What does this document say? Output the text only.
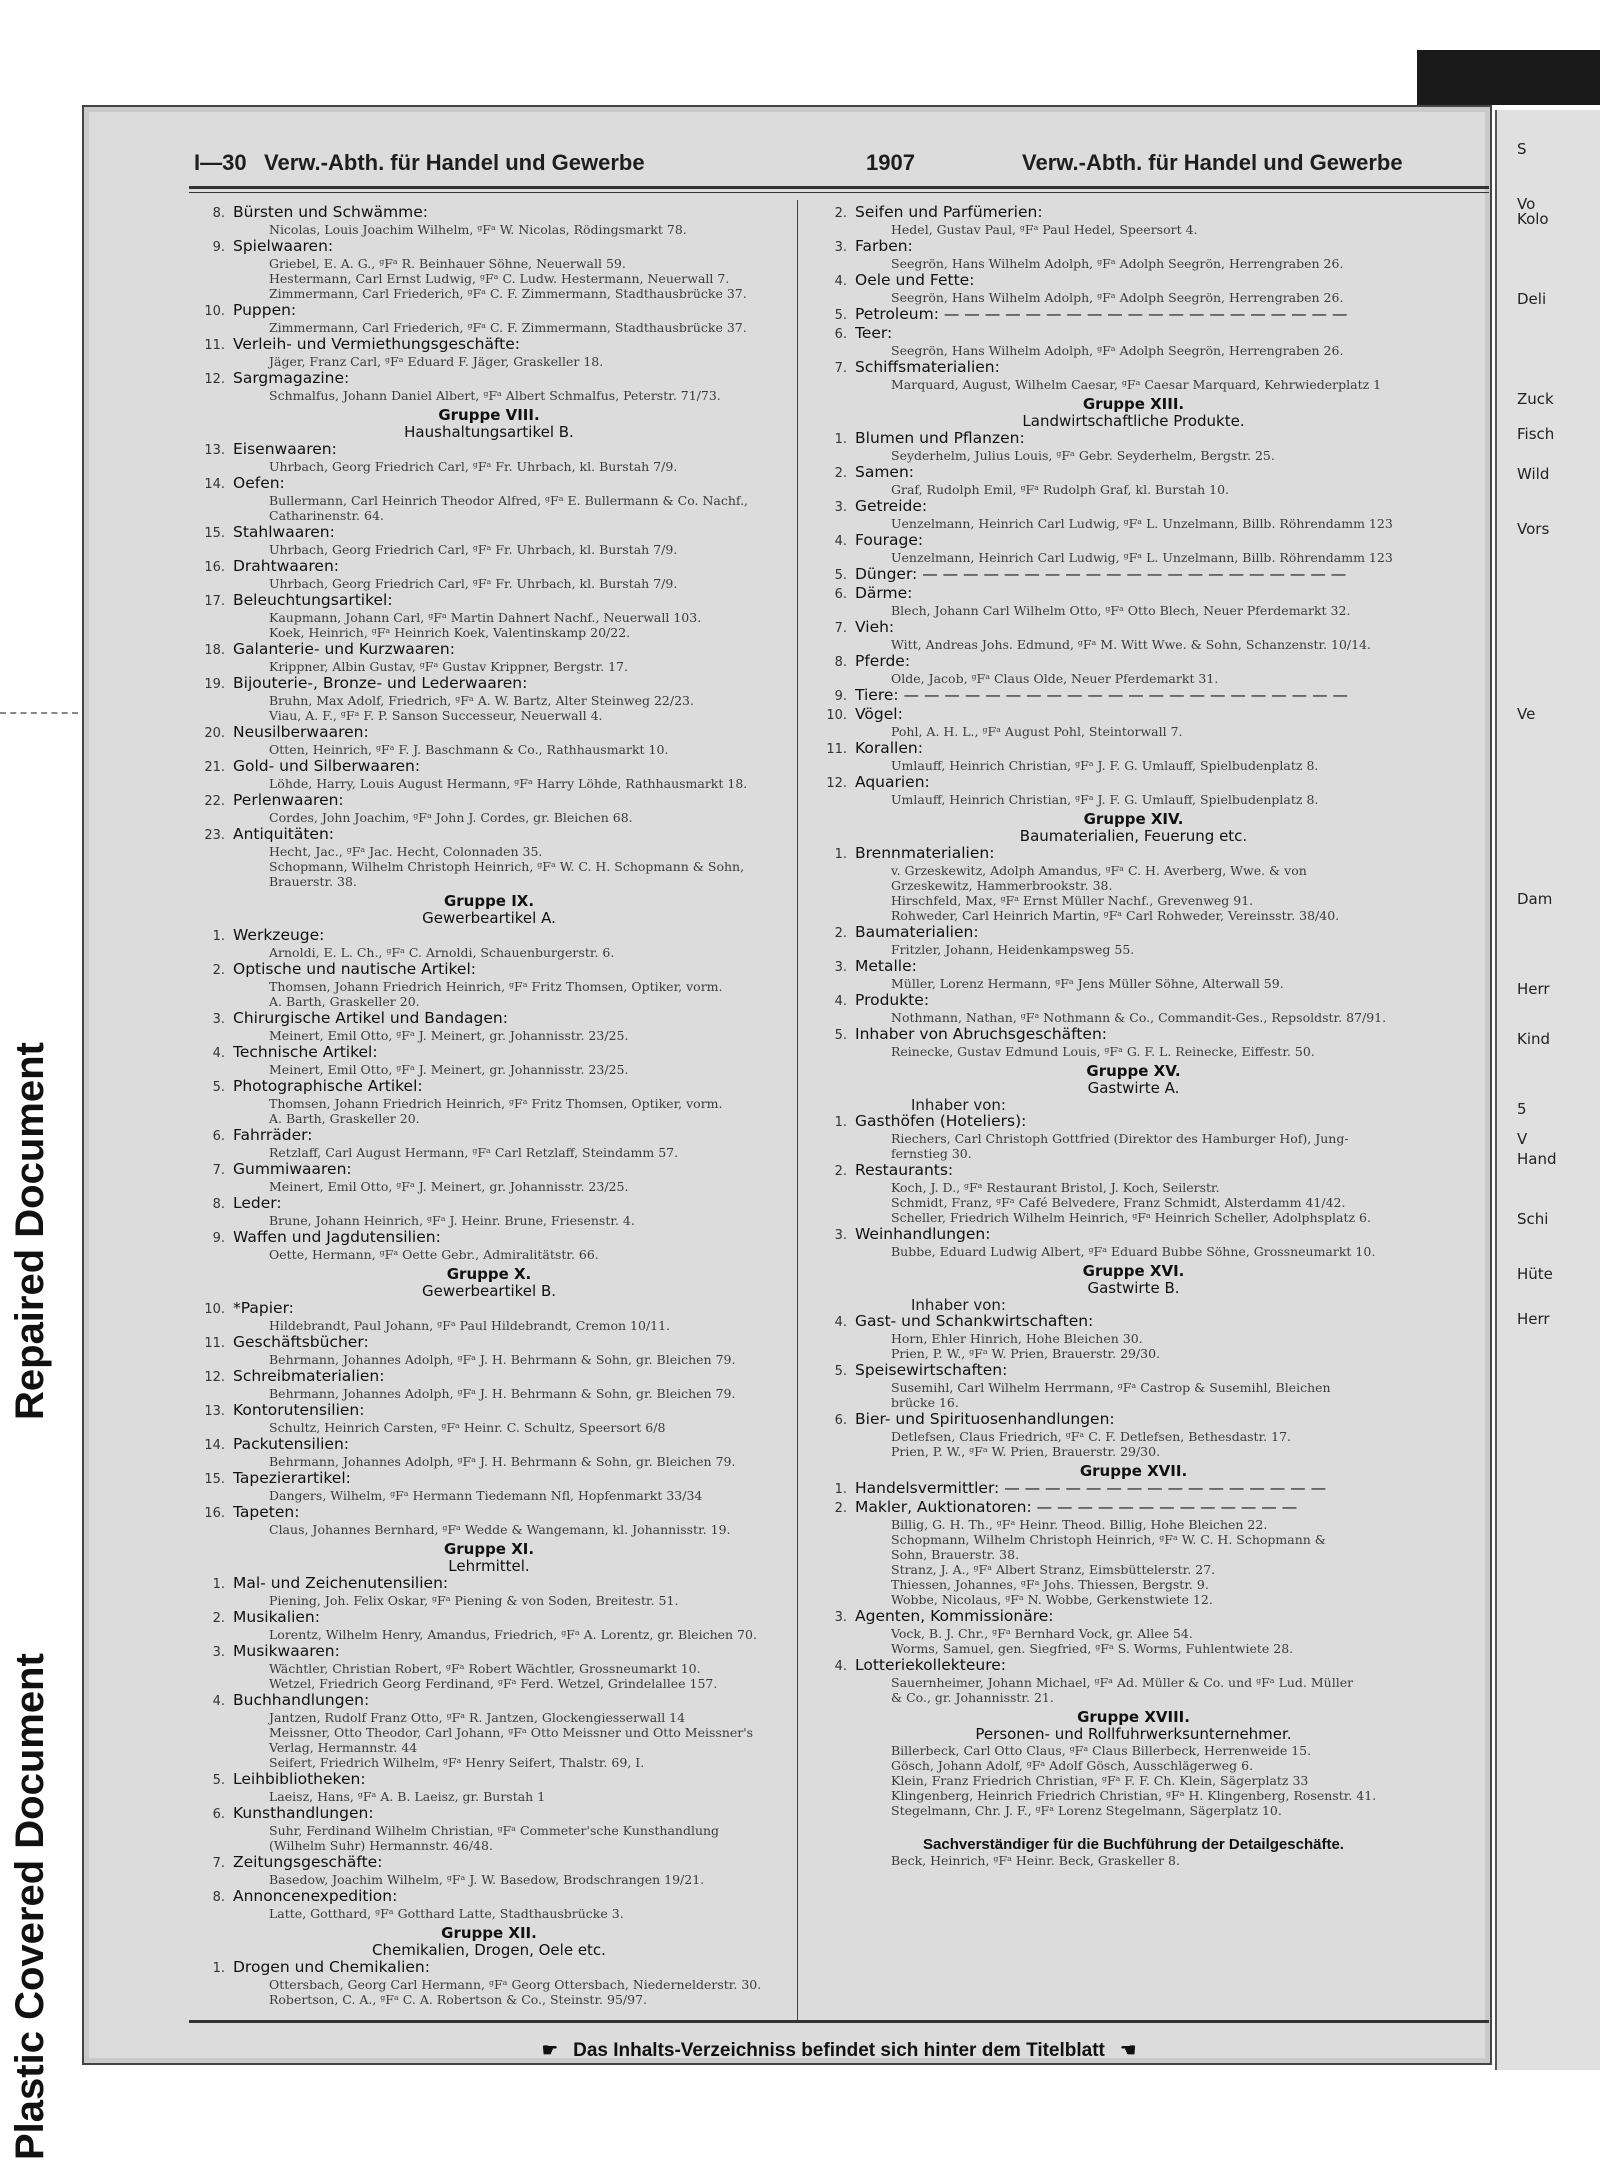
Plastic Covered Document
Repaired Document
S
Vo
Kolo
Deli
Zuck
Fisch
Wild
Vors
Ve
Dam
Herr
Kind
5
V
Hand
Schi
Hüte
Herr
I—30 Verw.-Abth. für Handel und Gewerbe	1907	Verw.-Abth. für Handel und Gewerbe
8. Bürsten und Schwämme:
Nicolas, Louis Joachim Wilhelm, ᵍFᵃ W. Nicolas, Rödingsmarkt 78.
9. Spielwaaren:
Griebel, E. A. G., ᵍFᵃ R. Beinhauer Söhne, Neuerwall 59.
Hestermann, Carl Ernst Ludwig, ᵍFᵃ C. Ludw. Hestermann, Neuerwall 7.
Zimmermann, Carl Friederich, ᵍFᵃ C. F. Zimmermann, Stadthausbrücke 37.
10. Puppen:
Zimmermann, Carl Friederich, ᵍFᵃ C. F. Zimmermann, Stadthausbrücke 37.
11. Verleih- und Vermiethungsgeschäfte:
Jäger, Franz Carl, ᵍFᵃ Eduard F. Jäger, Graskeller 18.
12. Sargmagazine:
Schmalfus, Johann Daniel Albert, ᵍFᵃ Albert Schmalfus, Peterstr. 71/73.
Gruppe VIII.
Haushaltungsartikel B.
13. Eisenwaaren:
Uhrbach, Georg Friedrich Carl, ᵍFᵃ Fr. Uhrbach, kl. Burstah 7/9.
14. Oefen:
Bullermann, Carl Heinrich Theodor Alfred, ᵍFᵃ E. Bullermann & Co. Nachf.,
Catharinenstr. 64.
15. Stahlwaaren:
Uhrbach, Georg Friedrich Carl, ᵍFᵃ Fr. Uhrbach, kl. Burstah 7/9.
16. Drahtwaaren:
Uhrbach, Georg Friedrich Carl, ᵍFᵃ Fr. Uhrbach, kl. Burstah 7/9.
17. Beleuchtungsartikel:
Kaupmann, Johann Carl, ᵍFᵃ Martin Dahnert Nachf., Neuerwall 103.
Koek, Heinrich, ᵍFᵃ Heinrich Koek, Valentinskamp 20/22.
18. Galanterie- und Kurzwaaren:
Krippner, Albin Gustav, ᵍFᵃ Gustav Krippner, Bergstr. 17.
19. Bijouterie-, Bronze- und Lederwaaren:
Bruhn, Max Adolf, Friedrich, ᵍFᵃ A. W. Bartz, Alter Steinweg 22/23.
Viau, A. F., ᵍFᵃ F. P. Sanson Successeur, Neuerwall 4.
20. Neusilberwaaren:
Otten, Heinrich, ᵍFᵃ F. J. Baschmann & Co., Rathhausmarkt 10.
21. Gold- und Silberwaaren:
Löhde, Harry, Louis August Hermann, ᵍFᵃ Harry Löhde, Rathhausmarkt 18.
22. Perlenwaaren:
Cordes, John Joachim, ᵍFᵃ John J. Cordes, gr. Bleichen 68.
23. Antiquitäten:
Hecht, Jac., ᵍFᵃ Jac. Hecht, Colonnaden 35.
Schopmann, Wilhelm Christoph Heinrich, ᵍFᵃ W. C. H. Schopmann & Sohn,
Brauerstr. 38.
Gruppe IX.
Gewerbeartikel A.
1. Werkzeuge:
Arnoldi, E. L. Ch., ᵍFᵃ C. Arnoldi, Schauenburgerstr. 6.
2. Optische und nautische Artikel:
Thomsen, Johann Friedrich Heinrich, ᵍFᵃ Fritz Thomsen, Optiker, vorm.
A. Barth, Graskeller 20.
3. Chirurgische Artikel und Bandagen:
Meinert, Emil Otto, ᵍFᵃ J. Meinert, gr. Johannisstr. 23/25.
4. Technische Artikel:
Meinert, Emil Otto, ᵍFᵃ J. Meinert, gr. Johannisstr. 23/25.
5. Photographische Artikel:
Thomsen, Johann Friedrich Heinrich, ᵍFᵃ Fritz Thomsen, Optiker, vorm.
A. Barth, Graskeller 20.
6. Fahrräder:
Retzlaff, Carl August Hermann, ᵍFᵃ Carl Retzlaff, Steindamm 57.
7. Gummiwaaren:
Meinert, Emil Otto, ᵍFᵃ J. Meinert, gr. Johannisstr. 23/25.
8. Leder:
Brune, Johann Heinrich, ᵍFᵃ J. Heinr. Brune, Friesenstr. 4.
9. Waffen und Jagdutensilien:
Oette, Hermann, ᵍFᵃ Oette Gebr., Admiralitätstr. 66.
Gruppe X.
Gewerbeartikel B.
10. *Papier:
Hildebrandt, Paul Johann, ᵍFᵃ Paul Hildebrandt, Cremon 10/11.
11. Geschäftsbücher:
Behrmann, Johannes Adolph, ᵍFᵃ J. H. Behrmann & Sohn, gr. Bleichen 79.
12. Schreibmaterialien:
Behrmann, Johannes Adolph, ᵍFᵃ J. H. Behrmann & Sohn, gr. Bleichen 79.
13. Kontorutensilien:
Schultz, Heinrich Carsten, ᵍFᵃ Heinr. C. Schultz, Speersort 6/8
14. Packutensilien:
Behrmann, Johannes Adolph, ᵍFᵃ J. H. Behrmann & Sohn, gr. Bleichen 79.
15. Tapezierartikel:
Dangers, Wilhelm, ᵍFᵃ Hermann Tiedemann Nfl, Hopfenmarkt 33/34
16. Tapeten:
Claus, Johannes Bernhard, ᵍFᵃ Wedde & Wangemann, kl. Johannisstr. 19.
Gruppe XI.
Lehrmittel.
1. Mal- und Zeichenutensilien:
Piening, Joh. Felix Oskar, ᵍFᵃ Piening & von Soden, Breitestr. 51.
2. Musikalien:
Lorentz, Wilhelm Henry, Amandus, Friedrich, ᵍFᵃ A. Lorentz, gr. Bleichen 70.
3. Musikwaaren:
Wächtler, Christian Robert, ᵍFᵃ Robert Wächtler, Grossneumarkt 10.
Wetzel, Friedrich Georg Ferdinand, ᵍFᵃ Ferd. Wetzel, Grindelallee 157.
4. Buchhandlungen:
Jantzen, Rudolf Franz Otto, ᵍFᵃ R. Jantzen, Glockengiesserwall 14
Meissner, Otto Theodor, Carl Johann, ᵍFᵃ Otto Meissner und Otto Meissner's
Verlag, Hermannstr. 44
Seifert, Friedrich Wilhelm, ᵍFᵃ Henry Seifert, Thalstr. 69, I.
5. Leihbibliotheken:
Laeisz, Hans, ᵍFᵃ A. B. Laeisz, gr. Burstah 1
6. Kunsthandlungen:
Suhr, Ferdinand Wilhelm Christian, ᵍFᵃ Commeter'sche Kunsthandlung
(Wilhelm Suhr) Hermannstr. 46/48.
7. Zeitungsgeschäfte:
Basedow, Joachim Wilhelm, ᵍFᵃ J. W. Basedow, Brodschrangen 19/21.
8. Annoncenexpedition:
Latte, Gotthard, ᵍFᵃ Gotthard Latte, Stadthausbrücke 3.
Gruppe XII.
Chemikalien, Drogen, Oele etc.
1. Drogen und Chemikalien:
Ottersbach, Georg Carl Hermann, ᵍFᵃ Georg Ottersbach, Niedernelderstr. 30.
Robertson, C. A., ᵍFᵃ C. A. Robertson & Co., Steinstr. 95/97.
2. Seifen und Parfümerien:
Hedel, Gustav Paul, ᵍFᵃ Paul Hedel, Speersort 4.
3. Farben:
Seegrön, Hans Wilhelm Adolph, ᵍFᵃ Adolph Seegrön, Herrengraben 26.
4. Oele und Fette:
Seegrön, Hans Wilhelm Adolph, ᵍFᵃ Adolph Seegrön, Herrengraben 26.
5. Petroleum: — — — — — — — — — — — — — — — — — — — —
6. Teer:
Seegrön, Hans Wilhelm Adolph, ᵍFᵃ Adolph Seegrön, Herrengraben 26.
7. Schiffsmaterialien:
Marquard, August, Wilhelm Caesar, ᵍFᵃ Caesar Marquard, Kehrwiederplatz 1
Gruppe XIII.
Landwirtschaftliche Produkte.
1. Blumen und Pflanzen:
Seyderhelm, Julius Louis, ᵍFᵃ Gebr. Seyderhelm, Bergstr. 25.
2. Samen:
Graf, Rudolph Emil, ᵍFᵃ Rudolph Graf, kl. Burstah 10.
3. Getreide:
Uenzelmann, Heinrich Carl Ludwig, ᵍFᵃ L. Unzelmann, Billb. Röhrendamm 123
4. Fourage:
Uenzelmann, Heinrich Carl Ludwig, ᵍFᵃ L. Unzelmann, Billb. Röhrendamm 123
5. Dünger: — — — — — — — — — — — — — — — — — — — — —
6. Därme:
Blech, Johann Carl Wilhelm Otto, ᵍFᵃ Otto Blech, Neuer Pferdemarkt 32.
7. Vieh:
Witt, Andreas Johs. Edmund, ᵍFᵃ M. Witt Wwe. & Sohn, Schanzenstr. 10/14.
8. Pferde:
Olde, Jacob, ᵍFᵃ Claus Olde, Neuer Pferdemarkt 31.
9. Tiere: — — — — — — — — — — — — — — — — — — — — — —
10. Vögel:
Pohl, A. H. L., ᵍFᵃ August Pohl, Steintorwall 7.
11. Korallen:
Umlauff, Heinrich Christian, ᵍFᵃ J. F. G. Umlauff, Spielbudenplatz 8.
12. Aquarien:
Umlauff, Heinrich Christian, ᵍFᵃ J. F. G. Umlauff, Spielbudenplatz 8.
Gruppe XIV.
Baumaterialien, Feuerung etc.
1. Brennmaterialien:
v. Grzeskewitz, Adolph Amandus, ᵍFᵃ C. H. Averberg, Wwe. & von
Grzeskewitz, Hammerbrookstr. 38.
Hirschfeld, Max, ᵍFᵃ Ernst Müller Nachf., Grevenweg 91.
Rohweder, Carl Heinrich Martin, ᵍFᵃ Carl Rohweder, Vereinsstr. 38/40.
2. Baumaterialien:
Fritzler, Johann, Heidenkampsweg 55.
3. Metalle:
Müller, Lorenz Hermann, ᵍFᵃ Jens Müller Söhne, Alterwall 59.
4. Produkte:
Nothmann, Nathan, ᵍFᵃ Nothmann & Co., Commandit-Ges., Repsoldstr. 87/91.
5. Inhaber von Abruchsgeschäften:
Reinecke, Gustav Edmund Louis, ᵍFᵃ G. F. L. Reinecke, Eiffestr. 50.
Gruppe XV.
Gastwirte A.
Inhaber von:
1. Gasthöfen (Hoteliers):
Riechers, Carl Christoph Gottfried (Direktor des Hamburger Hof), Jung-
fernstieg 30.
2. Restaurants:
Koch, J. D., ᵍFᵃ Restaurant Bristol, J. Koch, Seilerstr.
Schmidt, Franz, ᵍFᵃ Café Belvedere, Franz Schmidt, Alsterdamm 41/42.
Scheller, Friedrich Wilhelm Heinrich, ᵍFᵃ Heinrich Scheller, Adolphsplatz 6.
3. Weinhandlungen:
Bubbe, Eduard Ludwig Albert, ᵍFᵃ Eduard Bubbe Söhne, Grossneumarkt 10.
Gruppe XVI.
Gastwirte B.
Inhaber von:
4. Gast- und Schankwirtschaften:
Horn, Ehler Hinrich, Hohe Bleichen 30.
Prien, P. W., ᵍFᵃ W. Prien, Brauerstr. 29/30.
5. Speisewirtschaften:
Susemihl, Carl Wilhelm Herrmann, ᵍFᵃ Castrop & Susemihl, Bleichen
brücke 16.
6. Bier- und Spirituosenhandlungen:
Detlefsen, Claus Friedrich, ᵍFᵃ C. F. Detlefsen, Bethesdastr. 17.
Prien, P. W., ᵍFᵃ W. Prien, Brauerstr. 29/30.
Gruppe XVII.
1. Handelsvermittler: — — — — — — — — — — — — — — — —
2. Makler, Auktionatoren: — — — — — — — — — — — — —
Billig, G. H. Th., ᵍFᵃ Heinr. Theod. Billig, Hohe Bleichen 22.
Schopmann, Wilhelm Christoph Heinrich, ᵍFᵃ W. C. H. Schopmann &
Sohn, Brauerstr. 38.
Stranz, J. A., ᵍFᵃ Albert Stranz, Eimsbüttelerstr. 27.
Thiessen, Johannes, ᵍFᵃ Johs. Thiessen, Bergstr. 9.
Wobbe, Nicolaus, ᵍFᵃ N. Wobbe, Gerkenstwiete 12.
3. Agenten, Kommissionäre:
Vock, B. J. Chr., ᵍFᵃ Bernhard Vock, gr. Allee 54.
Worms, Samuel, gen. Siegfried, ᵍFᵃ S. Worms, Fuhlentwiete 28.
4. Lotteriekollekteure:
Sauernheimer, Johann Michael, ᵍFᵃ Ad. Müller & Co. und ᵍFᵃ Lud. Müller
& Co., gr. Johannisstr. 21.
Gruppe XVIII.
Personen- und Rollfuhrwerksunternehmer.
Billerbeck, Carl Otto Claus, ᵍFᵃ Claus Billerbeck, Herrenweide 15.
Gösch, Johann Adolf, ᵍFᵃ Adolf Gösch, Ausschlägerweg 6.
Klein, Franz Friedrich Christian, ᵍFᵃ F. F. Ch. Klein, Sägerplatz 33
Klingenberg, Heinrich Friedrich Christian, ᵍFᵃ H. Klingenberg, Rosenstr. 41.
Stegelmann, Chr. J. F., ᵍFᵃ Lorenz Stegelmann, Sägerplatz 10.
Sachverständiger für die Buchführung der Detailgeschäfte.
Beck, Heinrich, ᵍFᵃ Heinr. Beck, Graskeller 8.
☛ Das Inhalts-Verzeichniss befindet sich hinter dem Titelblatt ☚
